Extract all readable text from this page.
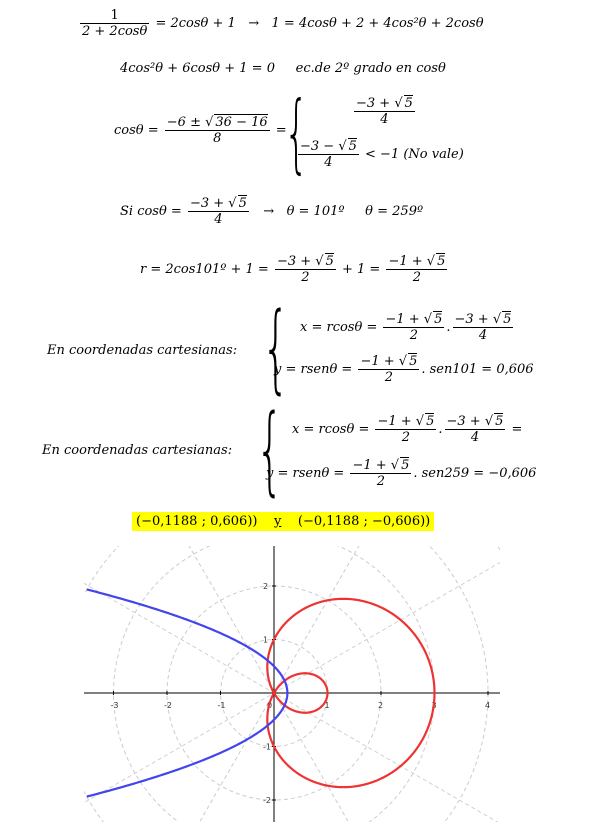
$\frac{1}{2 + 2\cos\theta} = 2\cos\theta + 1 \to 1 = 4\cos\theta + 2 + 4\cos^2\theta + 2\cos\theta$
4cos²θ + 6cosθ + 1 = 0 ec.de 2º grado en cosθ
$\cos\theta = \frac{-6 \pm √ 36 - 16}{8}$ =
{	$\frac{-3 + √ 5}{4}$
$\frac{-3 - √ 5}{4} < -1$ (No vale)
Si $\cos\theta = \frac{-3 + √ 5}{4} \to \theta$ = 101º θ = 259º
r = 2cos101º + $1 = \frac{-3 + √ 5}{2} + 1 = \frac{-1 + √ 5}{2}$
En coordenadas cartesianas: { $x = rcos\theta = \frac{-1 + √ 5}{2}$ . $\frac{-3 + √ 5}{4}$
y = rsenθ = $\frac{-1 + √ 5}{2}$ . sen101 = 0,606
En coordenadas cartesianas: { $x = rcos\theta = \frac{-1 + √ 5}{2}$ . $\frac{-3 + √ 5}{4}$ =
y = rsenθ = $\frac{-1 + √ 5}{2}$ . sen259 = −0,606
(−0,1188 ; 0,606)) y (−0,1188 ; −0,606))
-3	-2	-1	0	1	2	3	4
2
1
-1
-2
